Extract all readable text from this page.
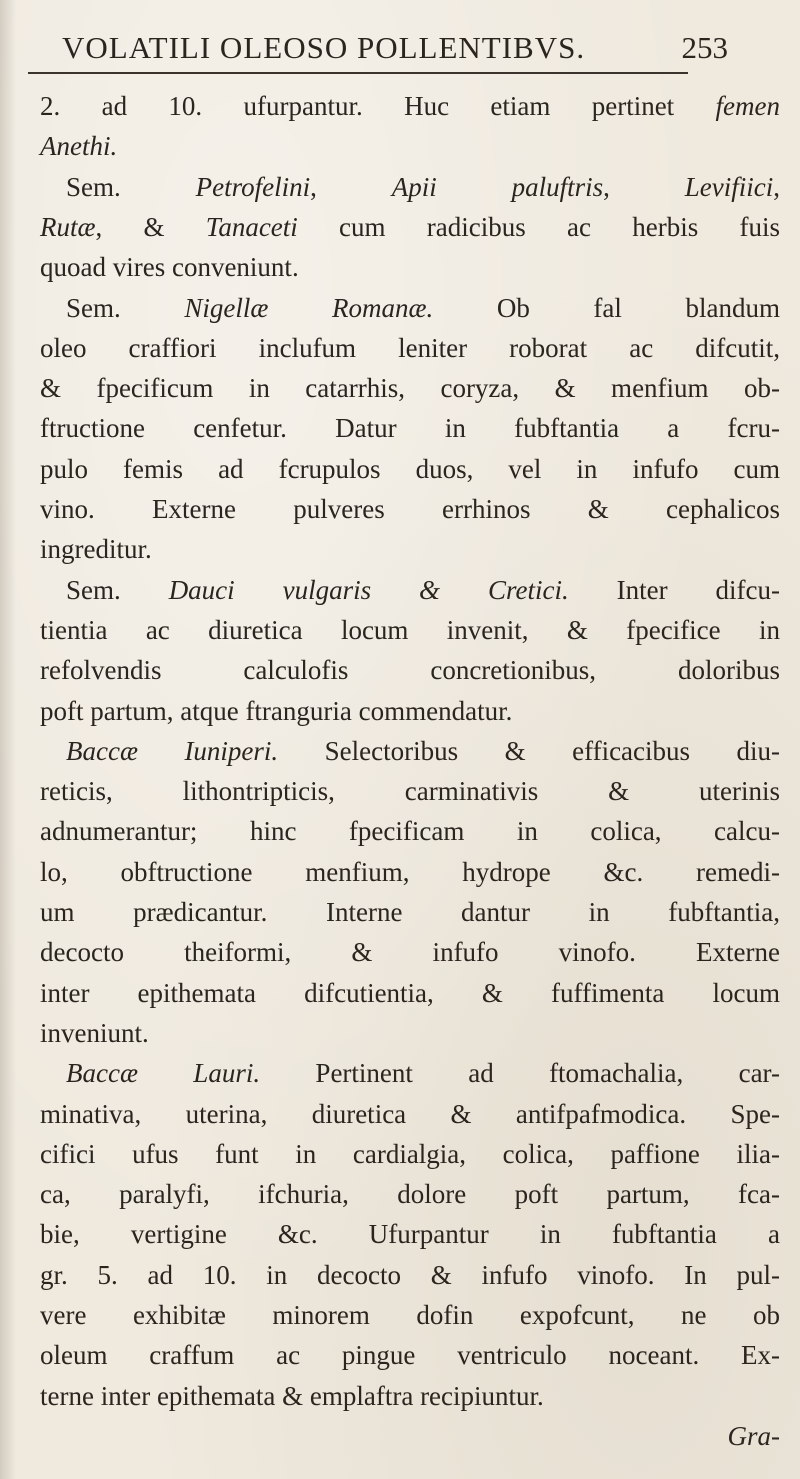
VOLATILI OLEOSO POLLENTIBVS.	253
2. ad 10. ufurpantur. Huc etiam pertinet femen
Anethi.
Sem. Petrofelini, Apii paluftris, Levifiici,
Rutæ, & Tanaceti cum radicibus ac herbis fuis
quoad vires conveniunt.
Sem. Nigellæ Romanæ. Ob fal blandum
oleo craffiori inclufum leniter roborat ac difcutit,
& fpecificum in catarrhis, coryza, & menfium ob-
ftructione cenfetur. Datur in fubftantia a fcru-
pulo femis ad fcrupulos duos, vel in infufo cum
vino. Externe pulveres errhinos & cephalicos
ingreditur.
Sem. Dauci vulgaris & Cretici. Inter difcu-
tientia ac diuretica locum invenit, & fpecifice in
refolvendis calculofis concretionibus, doloribus
poft partum, atque ftranguria commendatur.
Baccæ Iuniperi. Selectoribus & efficacibus diu-
reticis, lithontripticis, carminativis & uterinis
adnumerantur; hinc fpecificam in colica, calcu-
lo, obftructione menfium, hydrope &c. remedi-
um prædicantur. Interne dantur in fubftantia,
decocto theiformi, & infufo vinofo. Externe
inter epithemata difcutientia, & fuffimenta locum
inveniunt.
Baccæ Lauri. Pertinent ad ftomachalia, car-
minativa, uterina, diuretica & antifpafmodica. Spe-
cifici ufus funt in cardialgia, colica, paffione ilia-
ca, paralyfi, ifchuria, dolore poft partum, fca-
bie, vertigine &c. Ufurpantur in fubftantia a
gr. 5. ad 10. in decocto & infufo vinofo. In pul-
vere exhibitæ minorem dofin expofcunt, ne ob
oleum craffum ac pingue ventriculo noceant. Ex-
terne inter epithemata & emplaftra recipiuntur.
Gra-
